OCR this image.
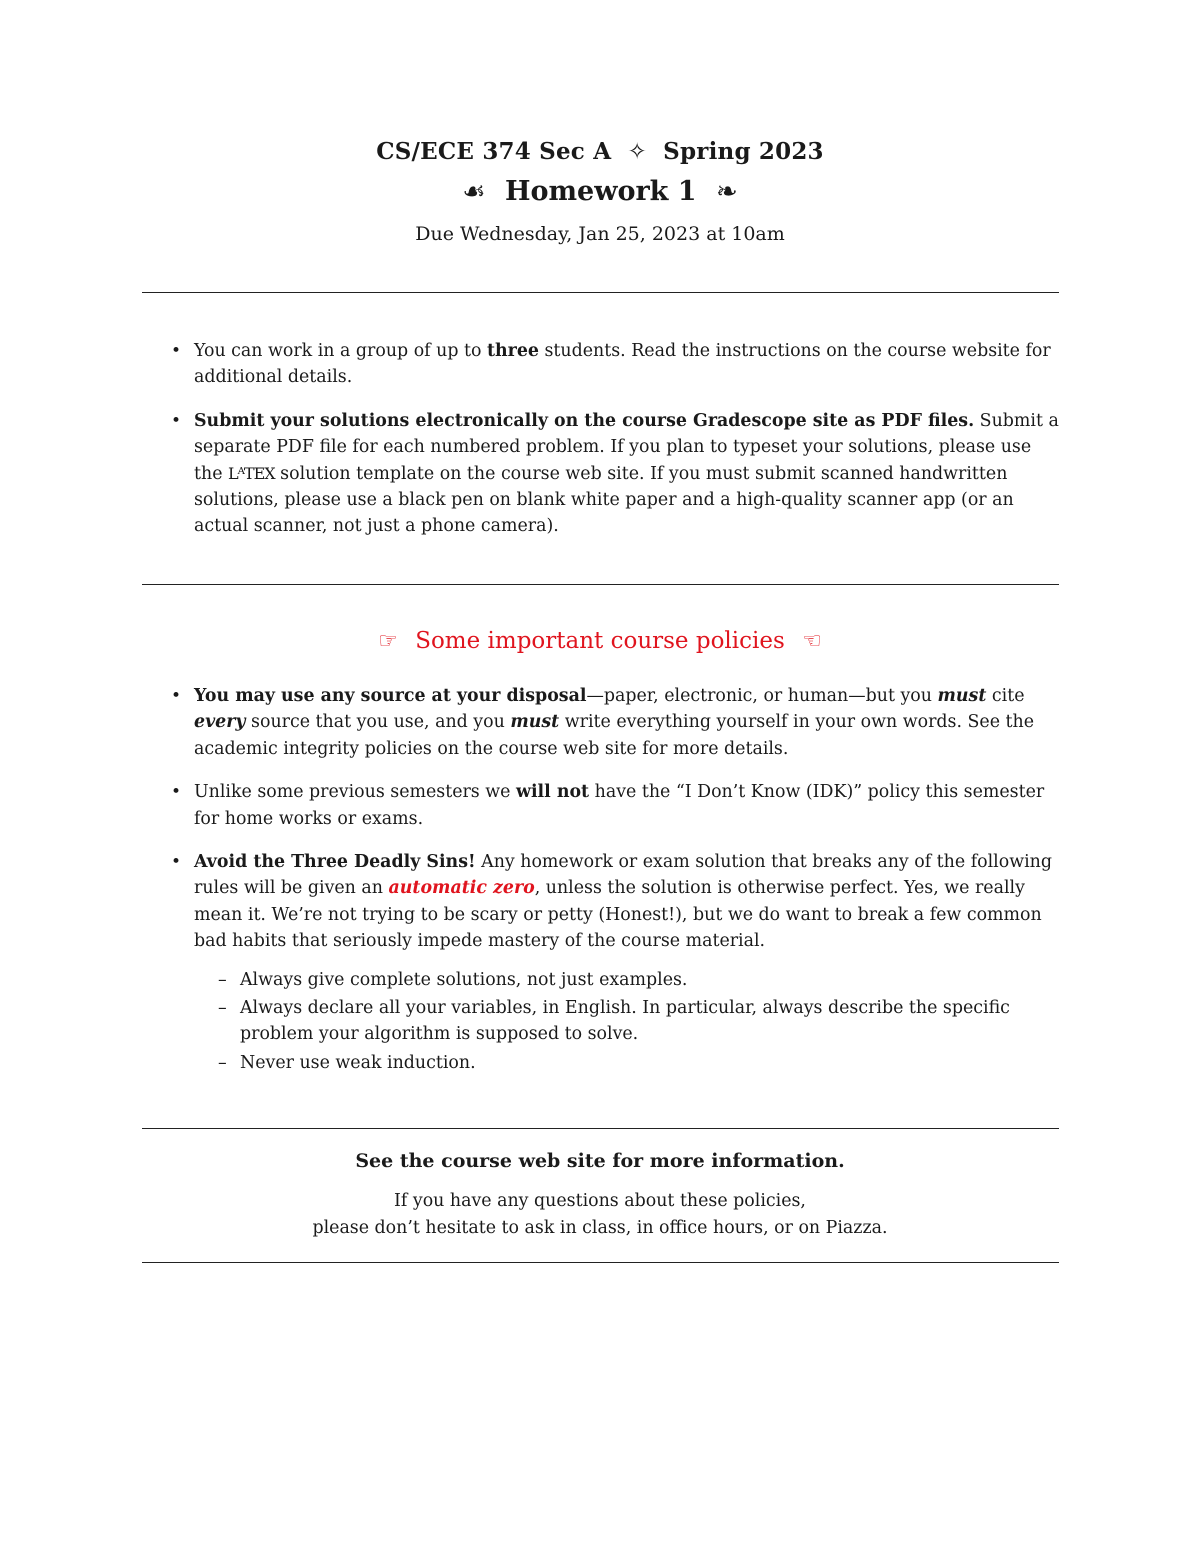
CS/ECE 374 Sec A ✧ Spring 2023
☙ Homework 1 ❧
Due Wednesday, Jan 25, 2023 at 10am
• You can work in a group of up to three students. Read the instructions on the course website for additional details.
• Submit your solutions electronically on the course Gradescope site as PDF files. Submit a separate PDF file for each numbered problem. If you plan to typeset your solutions, please use the LᴬTEX solution template on the course web site. If you must submit scanned handwritten solutions, please use a black pen on blank white paper and a high-quality scanner app (or an actual scanner, not just a phone camera).
☞ Some important course policies ☜
• You may use any source at your disposal—paper, electronic, or human—but you must cite every source that you use, and you must write everything yourself in your own words. See the academic integrity policies on the course web site for more details.
• Unlike some previous semesters we will not have the “I Don’t Know (IDK)” policy this semester for home works or exams.
• Avoid the Three Deadly Sins! Any homework or exam solution that breaks any of the following rules will be given an automatic zero, unless the solution is otherwise perfect. Yes, we really mean it. We’re not trying to be scary or petty (Honest!), but we do want to break a few common bad habits that seriously impede mastery of the course material.
– Always give complete solutions, not just examples.
– Always declare all your variables, in English. In particular, always describe the specific problem your algorithm is supposed to solve.
– Never use weak induction.
See the course web site for more information.
If you have any questions about these policies,
please don’t hesitate to ask in class, in office hours, or on Piazza.
